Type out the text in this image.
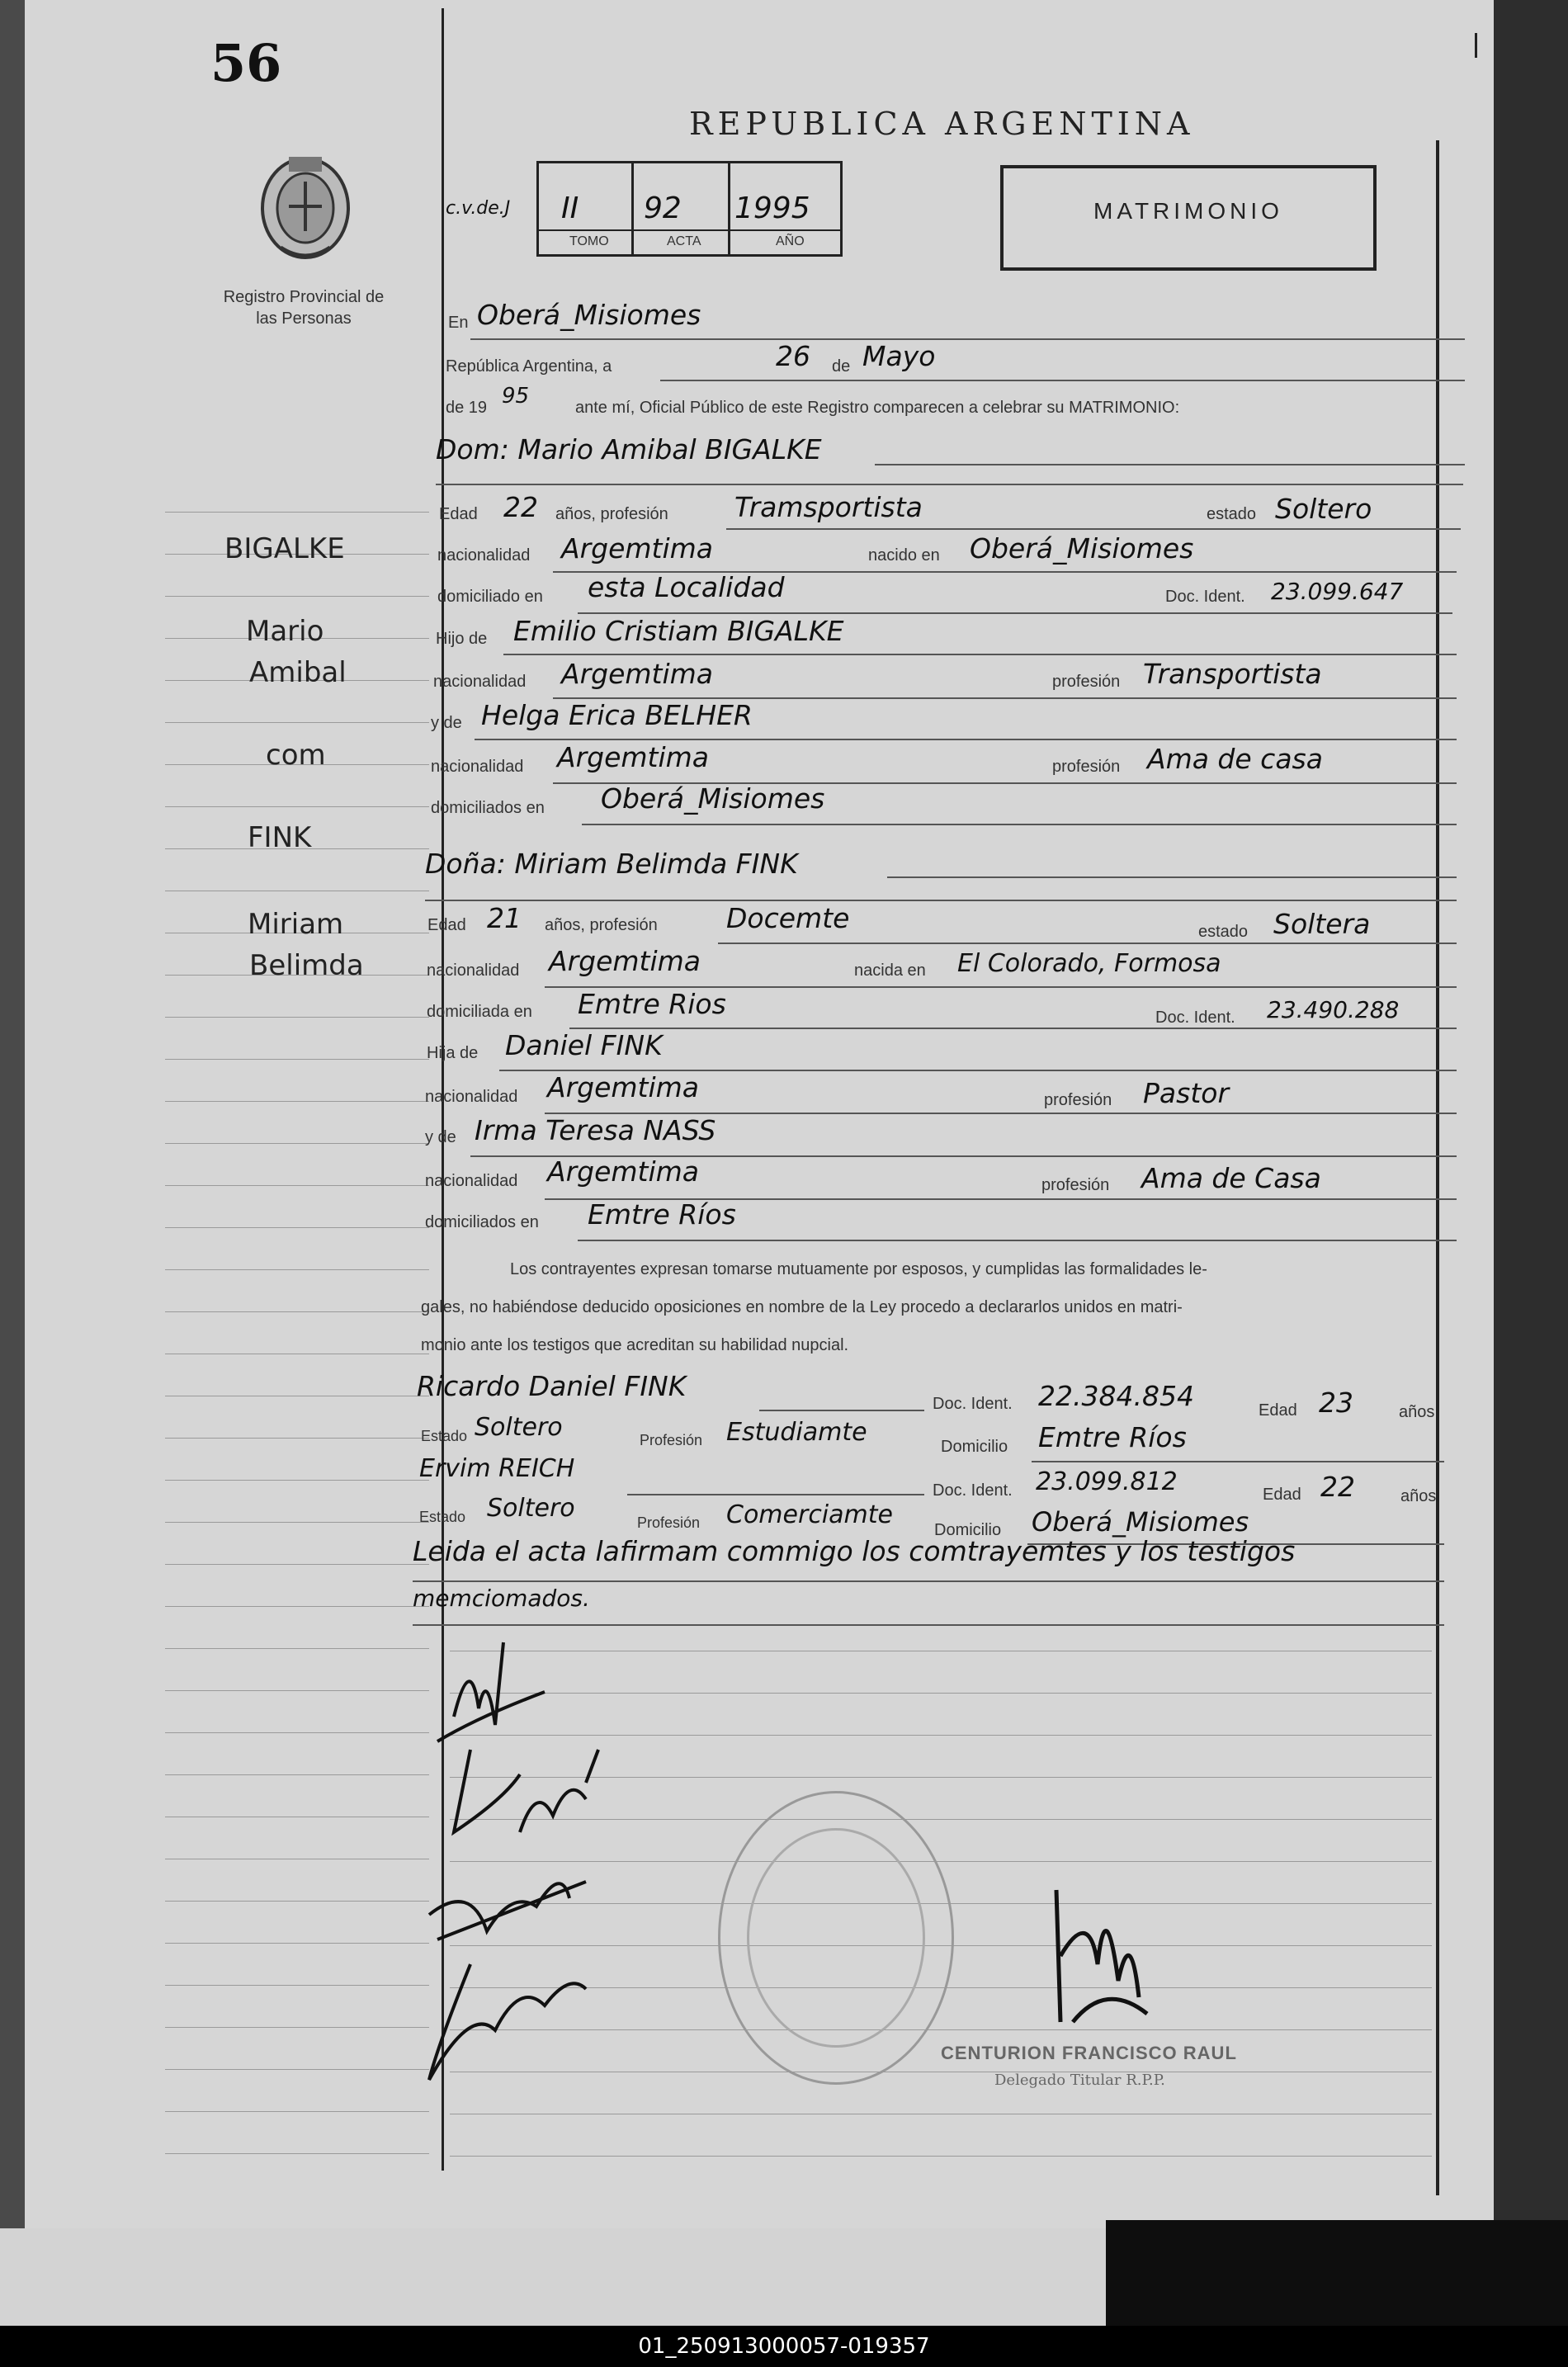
56
Registro Provincial de las Personas
REPUBLICA ARGENTINA
c.v.de.J II 92 1995
TOMO	ACTA	AÑO
MATRIMONIO
BIGALKE
Mario
Amibal
com
FINK
Miriam
Belimda
En Oberá_Misiomes
República Argentina, a	26 de Mayo
de 19 95	ante mí, Oficial Público de este Registro comparecen a celebrar su MATRIMONIO:
Dom: Mario Amibal BIGALKE
Edad 22 años, profesión Tramsportista	estado Soltero
nacionalidad Argemtima	nacido en Oberá_Misiomes
domiciliado en esta Localidad	Doc. Ident. 23.099.647
Hijo de Emilio Cristiam BIGALKE
nacionalidad Argemtima	profesión Transportista
y de Helga Erica BELHER
nacionalidad Argemtima	profesión Ama de casa
domiciliados en Oberá_Misiomes
Doña: Miriam Belimda FINK
Edad 21 años, profesión	Docemte	estado Soltera
nacionalidad Argemtima	nacida en El Colorado, Formosa
domiciliada en Emtre Rios	Doc. Ident. 23.490.288
Hija de Daniel FINK
nacionalidad Argemtima	profesión Pastor
y de Irma Teresa NASS
nacionalidad Argemtima	profesión Ama de Casa
domiciliados en Emtre Ríos
Los contrayentes expresan tomarse mutuamente por esposos, y cumplidas las formalidades le-
gales, no habiéndose deducido oposiciones en nombre de la Ley procedo a declararlos unidos en matri-
monio ante los testigos que acreditan su habilidad nupcial.
Ricardo Daniel FINK
Doc. Ident. 22.384.854	Edad 23	años
Estado Soltero	Profesión Estudiamte	Domicilio Emtre Ríos
Ervim REICH
Doc. Ident. 23.099.812	Edad 22	años
Estado Soltero	Profesión Comerciamte
Domicilio Oberá_Misiomes
Leida el acta lafirmam commigo los comtrayemtes y los testigos
memciomados.
CENTURION FRANCISCO RAUL
Delegado Titular R.P.P.
01_250913000057-019357
